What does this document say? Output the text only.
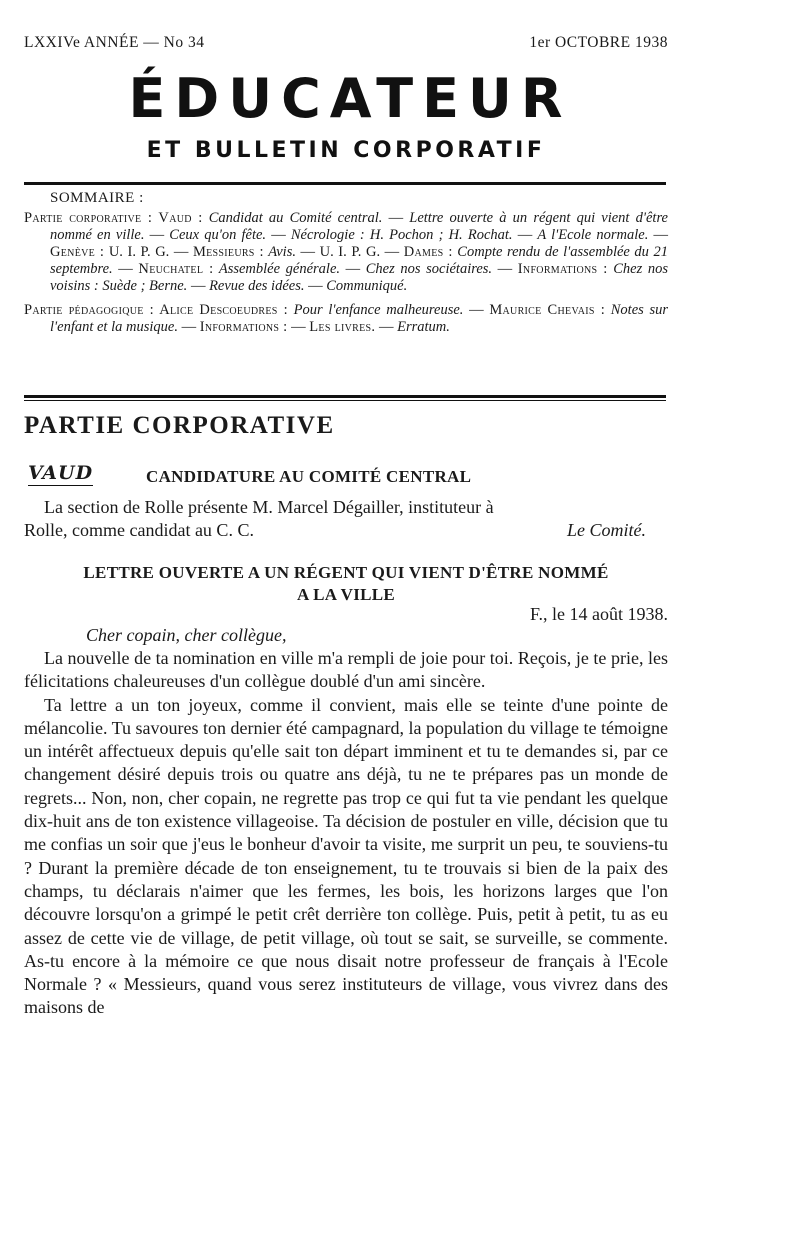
LXXIVe ANNÉE — No 34	1er OCTOBRE 1938
ÉDUCATEUR
ET BULLETIN CORPORATIF
SOMMAIRE :
Partie corporative : Vaud : Candidat au Comité central. — Lettre ouverte à un régent qui vient d'être nommé en ville. — Ceux qu'on fête. — Nécrologie : H. Pochon ; H. Rochat. — A l'Ecole normale. — Genève : U. I. P. G. — Messieurs : Avis. — U. I. P. G. — Dames : Compte rendu de l'assemblée du 21 septembre. — Neuchatel : Assemblée générale. — Chez nos sociétaires. — Informations : Chez nos voisins : Suède ; Berne. — Revue des idées. — Communiqué.
Partie pédagogique : Alice Descoeudres : Pour l'enfance malheureuse. — Maurice Chevais : Notes sur l'enfant et la musique. — Informations : — Les livres. — Erratum.
PARTIE CORPORATIVE
VAUD	CANDIDATURE AU COMITÉ CENTRAL

La section de Rolle présente M. Marcel Dégailler, instituteur à

Rolle, comme candidat au C. C.	Le Comité.

LETTRE OUVERTE A UN RÉGENT QUI VIENT D'ÊTRE NOMMÉ
A LA VILLE
F., le 14 août 1938.
Cher copain, cher collègue,

La nouvelle de ta nomination en ville m'a rempli de joie pour toi. Reçois, je te prie, les félicitations chaleureuses d'un collègue doublé d'un ami sincère.

Ta lettre a un ton joyeux, comme il convient, mais elle se teinte d'une pointe de mélancolie. Tu savoures ton dernier été campagnard, la population du village te témoigne un intérêt affectueux depuis qu'elle sait ton départ imminent et tu te demandes si, par ce changement désiré depuis trois ou quatre ans déjà, tu ne te prépares pas un monde de regrets... Non, non, cher copain, ne regrette pas trop ce qui fut ta vie pendant les quelque dix-huit ans de ton existence villageoise. Ta décision de postuler en ville, décision que tu me confias un soir que j'eus le bonheur d'avoir ta visite, me surprit un peu, te souviens-tu ? Durant la première décade de ton enseignement, tu te trouvais si bien de la paix des champs, tu déclarais n'aimer que les fermes, les bois, les horizons larges que l'on découvre lorsqu'on a grimpé le petit crêt derrière ton collège. Puis, petit à petit, tu as eu assez de cette vie de village, de petit village, où tout se sait, se surveille, se commente. As-tu encore à la mémoire ce que nous disait notre professeur de français à l'Ecole Normale ? « Messieurs, quand vous serez instituteurs de village, vous vivrez dans des maisons de
